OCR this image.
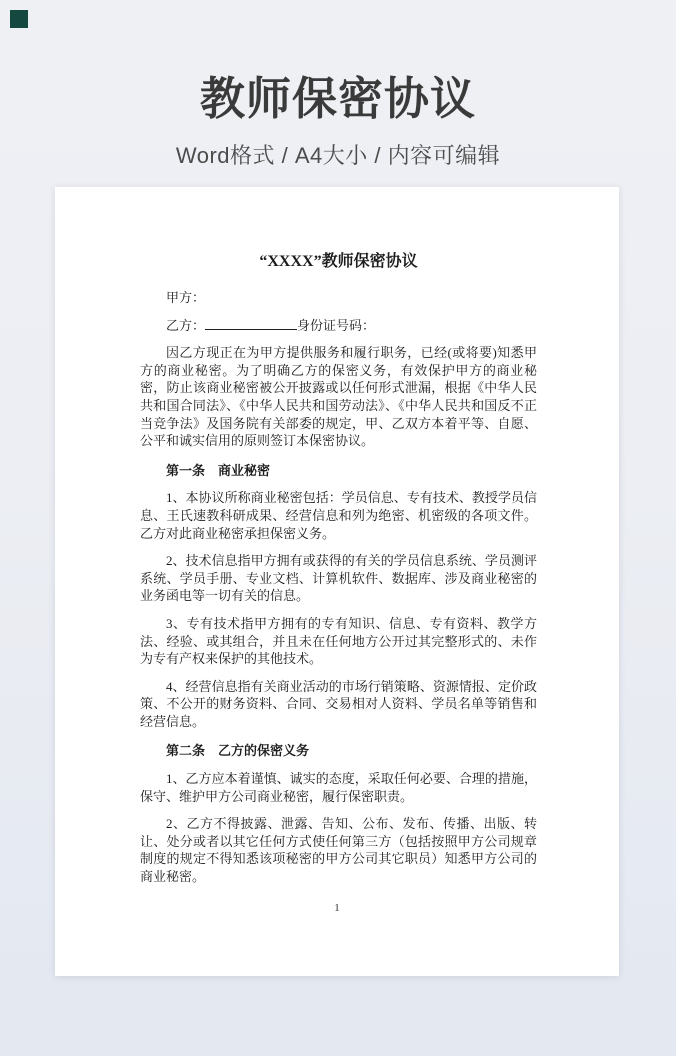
教师保密协议

Word格式 / A4大小 / 内容可编辑

“XXXX”教师保密协议

甲方：

乙方：	身份证号码：

因乙方现正在为甲方提供服务和履行职务，已经(或将要)知悉甲方的商业秘密。为了明确乙方的保密义务，有效保护甲方的商业秘密，防止该商业秘密被公开披露或以任何形式泄漏，根据《中华人民共和国合同法》、《中华人民共和国劳动法》、《中华人民共和国反不正当竞争法》及国务院有关部委的规定，甲、乙双方本着平等、自愿、公平和诚实信用的原则签订本保密协议。

第一条　商业秘密

1、本协议所称商业秘密包括：学员信息、专有技术、教授学员信息、王氏速教科研成果、经营信息和列为绝密、机密级的各项文件。乙方对此商业秘密承担保密义务。

2、技术信息指甲方拥有或获得的有关的学员信息系统、学员测评系统、学员手册、专业文档、计算机软件、数据库、涉及商业秘密的业务函电等一切有关的信息。

3、专有技术指甲方拥有的专有知识、信息、专有资料、教学方法、经验、或其组合，并且未在任何地方公开过其完整形式的、未作为专有产权来保护的其他技术。

4、经营信息指有关商业活动的市场行销策略、资源情报、定价政策、不公开的财务资料、合同、交易相对人资料、学员名单等销售和经营信息。

第二条　乙方的保密义务

1、乙方应本着谨慎、诚实的态度，采取任何必要、合理的措施，保守、维护甲方公司商业秘密，履行保密职责。

2、乙方不得披露、泄露、告知、公布、发布、传播、出版、转让、处分或者以其它任何方式使任何第三方（包括按照甲方公司规章制度的规定不得知悉该项秘密的甲方公司其它职员）知悉甲方公司的商业秘密。

1
